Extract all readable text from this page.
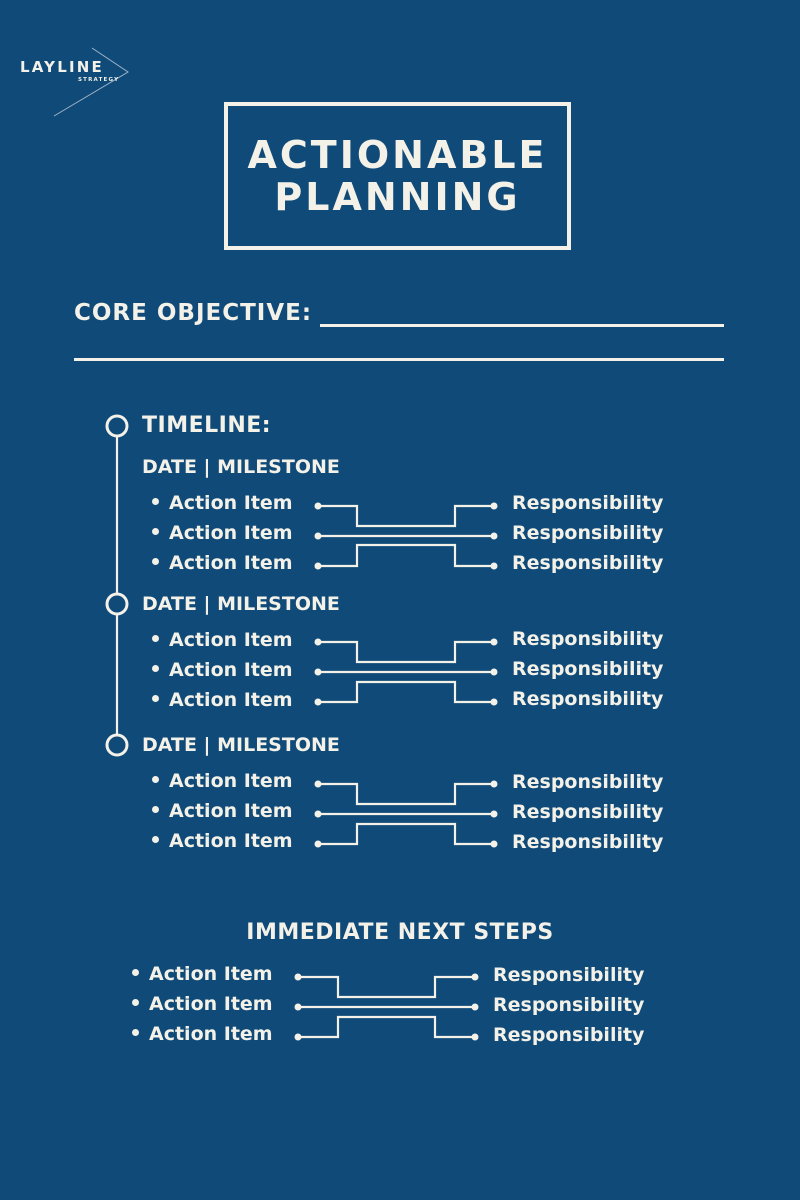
LAYLINE
STRATEGY
ACTIONABLE
PLANNING
CORE OBJECTIVE:
TIMELINE:
DATE | MILESTONE
Action Item
Action Item
Action Item
Responsibility
Responsibility
Responsibility
DATE | MILESTONE
Action Item
Action Item
Action Item
Responsibility
Responsibility
Responsibility
DATE | MILESTONE
Action Item
Action Item
Action Item
Responsibility
Responsibility
Responsibility
IMMEDIATE NEXT STEPS
Action Item
Action Item
Action Item
Responsibility
Responsibility
Responsibility
